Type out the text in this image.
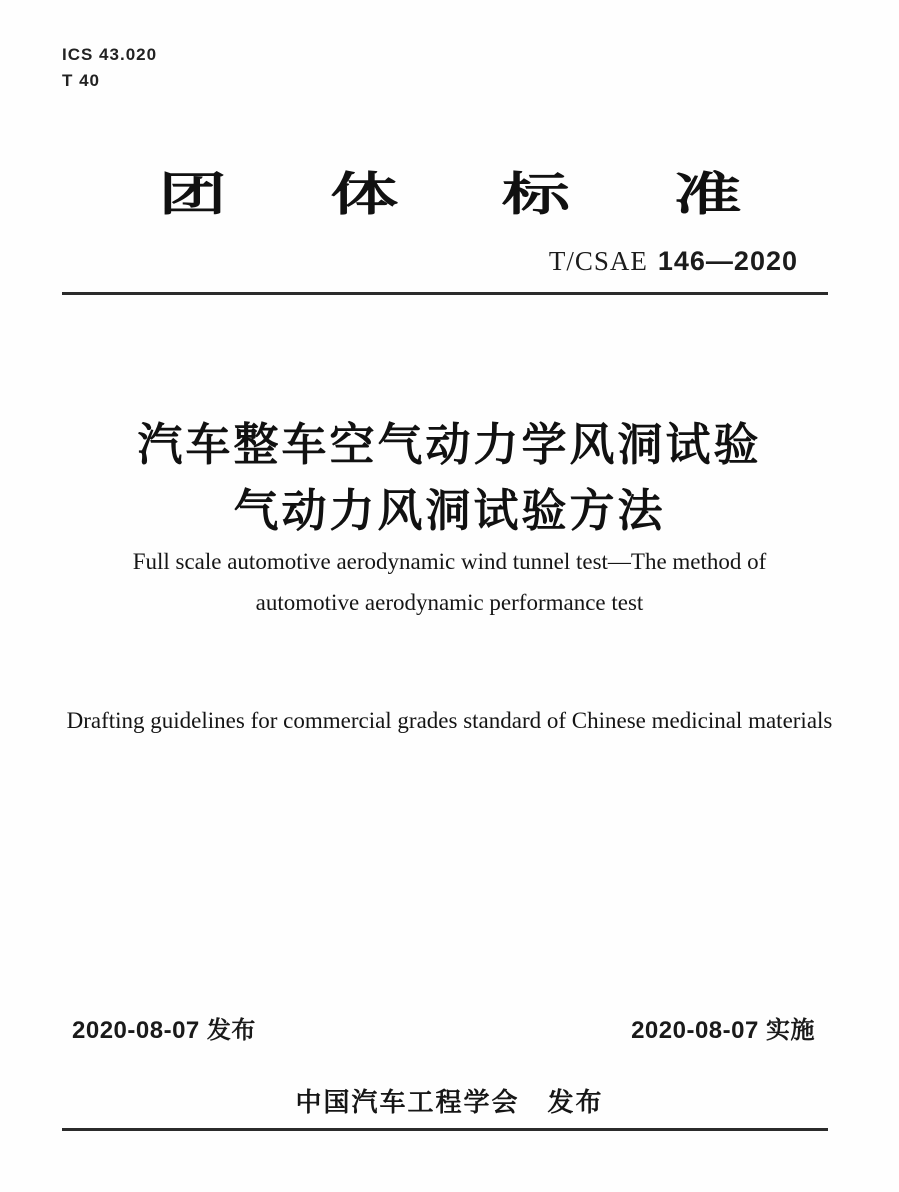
ICS 43.020
T 40
团体标准
T/CSAE 146—2020
汽车整车空气动力学风洞试验
气动力风洞试验方法
Full scale automotive aerodynamic wind tunnel test—The method of
automotive aerodynamic performance test
Drafting guidelines for commercial grades standard of Chinese medicinal materials
2020-08-07 发布	2020-08-07 实施
中国汽车工程学会　发布
